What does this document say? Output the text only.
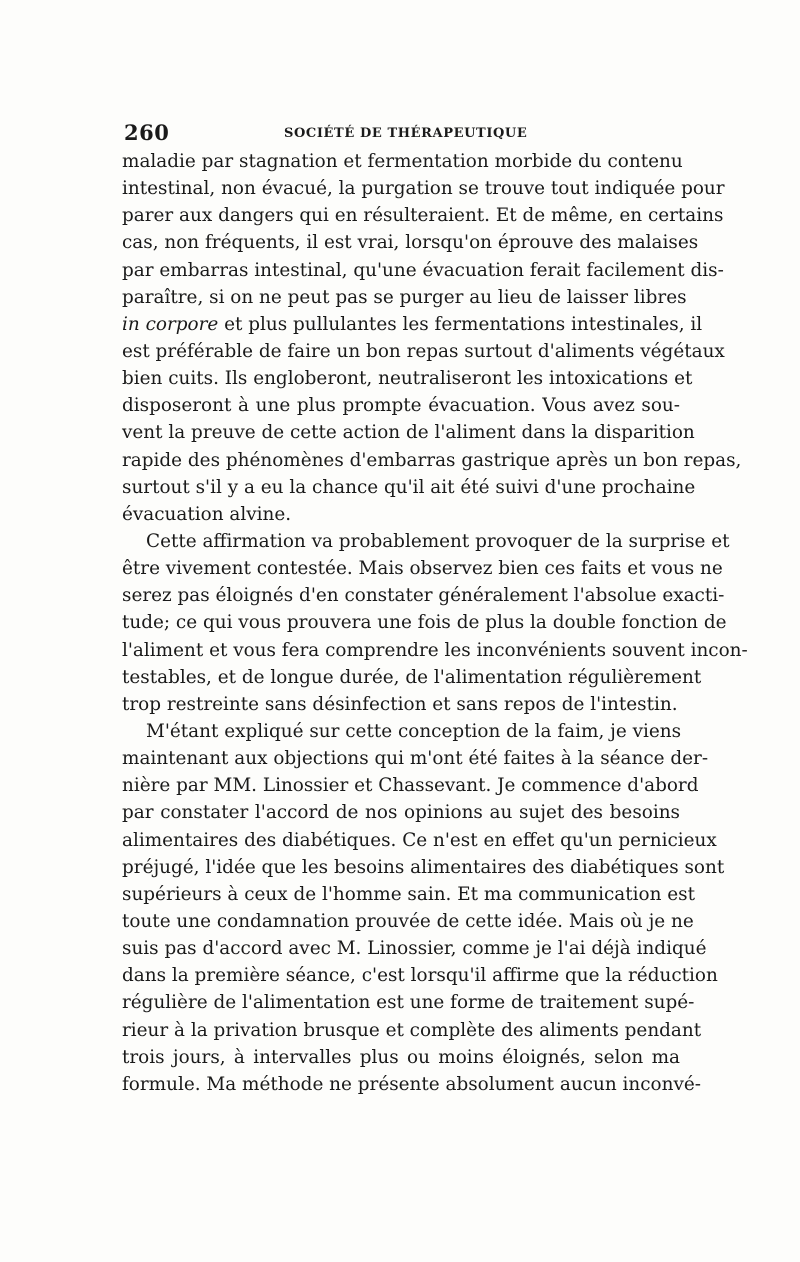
260	SOCIÉTÉ DE THÉRAPEUTIQUE
maladie par stagnation et fermentation morbide du contenu
intestinal, non évacué, la purgation se trouve tout indiquée pour
parer aux dangers qui en résulteraient. Et de même, en certains
cas, non fréquents, il est vrai, lorsqu'on éprouve des malaises
par embarras intestinal, qu'une évacuation ferait facilement dis-
paraître, si on ne peut pas se purger au lieu de laisser libres
in corpore et plus pullulantes les fermentations intestinales, il
est préférable de faire un bon repas surtout d'aliments végétaux
bien cuits. Ils engloberont, neutraliseront les intoxications et
disposeront à une plus prompte évacuation. Vous avez sou-
vent la preuve de cette action de l'aliment dans la disparition
rapide des phénomènes d'embarras gastrique après un bon repas,
surtout s'il y a eu la chance qu'il ait été suivi d'une prochaine
évacuation alvine.
Cette affirmation va probablement provoquer de la surprise et
être vivement contestée. Mais observez bien ces faits et vous ne
serez pas éloignés d'en constater généralement l'absolue exacti-
tude; ce qui vous prouvera une fois de plus la double fonction de
l'aliment et vous fera comprendre les inconvénients souvent incon-
testables, et de longue durée, de l'alimentation régulièrement
trop restreinte sans désinfection et sans repos de l'intestin.
M'étant expliqué sur cette conception de la faim, je viens
maintenant aux objections qui m'ont été faites à la séance der-
nière par MM. Linossier et Chassevant. Je commence d'abord
par constater l'accord de nos opinions au sujet des besoins
alimentaires des diabétiques. Ce n'est en effet qu'un pernicieux
préjugé, l'idée que les besoins alimentaires des diabétiques sont
supérieurs à ceux de l'homme sain. Et ma communication est
toute une condamnation prouvée de cette idée. Mais où je ne
suis pas d'accord avec M. Linossier, comme je l'ai déjà indiqué
dans la première séance, c'est lorsqu'il affirme que la réduction
régulière de l'alimentation est une forme de traitement supé-
rieur à la privation brusque et complète des aliments pendant
trois jours, à intervalles plus ou moins éloignés, selon ma
formule. Ma méthode ne présente absolument aucun inconvé-
